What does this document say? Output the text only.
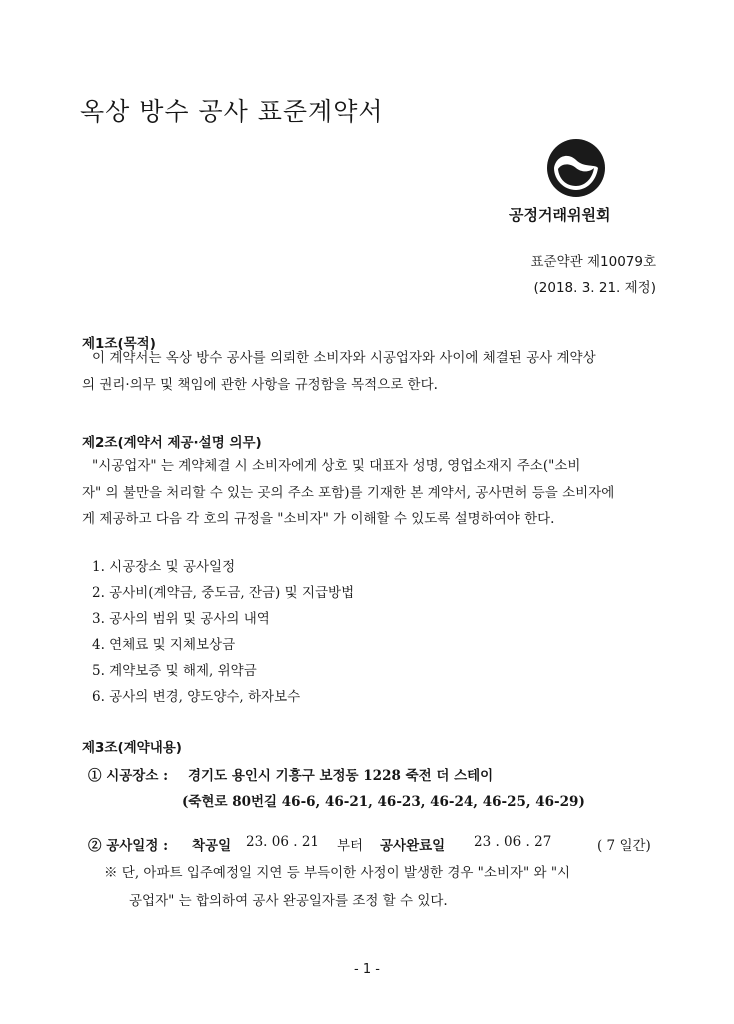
옥상 방수 공사 표준계약서
공정거래위원회
표준약관 제10079호
(2018. 3. 21. 제정)
제1조(목적)
이 계약서는 옥상 방수 공사를 의뢰한 소비자와 시공업자와 사이에 체결된 공사 계약상
의 권리·의무 및 책임에 관한 사항을 규정함을 목적으로 한다.
제2조(계약서 제공·설명 의무)
"시공업자" 는 계약체결 시 소비자에게 상호 및 대표자 성명, 영업소재지 주소("소비
자" 의 불만을 처리할 수 있는 곳의 주소 포함)를 기재한 본 계약서, 공사면허 등을 소비자에
게 제공하고 다음 각 호의 규정을 "소비자" 가 이해할 수 있도록 설명하여야 한다.
1. 시공장소 및 공사일정
2. 공사비(계약금, 중도금, 잔금) 및 지급방법
3. 공사의 범위 및 공사의 내역
4. 연체료 및 지체보상금
5. 계약보증 및 해제, 위약금
6. 공사의 변경, 양도양수, 하자보수
제3조(계약내용)
① 시공장소 : 경기도 용인시 기흥구 보정동 1228 죽전 더 스테이
(죽현로 80번길 46-6, 46-21, 46-23, 46-24, 46-25, 46-29)
② 공사일정 : 착공일 23. 06 . 21 부터 공사완료일 23 . 06 . 27	( 7 일간)
※ 단, 아파트 입주예정일 지연 등 부득이한 사정이 발생한 경우 "소비자" 와 "시
공업자" 는 합의하여 공사 완공일자를 조정 할 수 있다.
- 1 -
